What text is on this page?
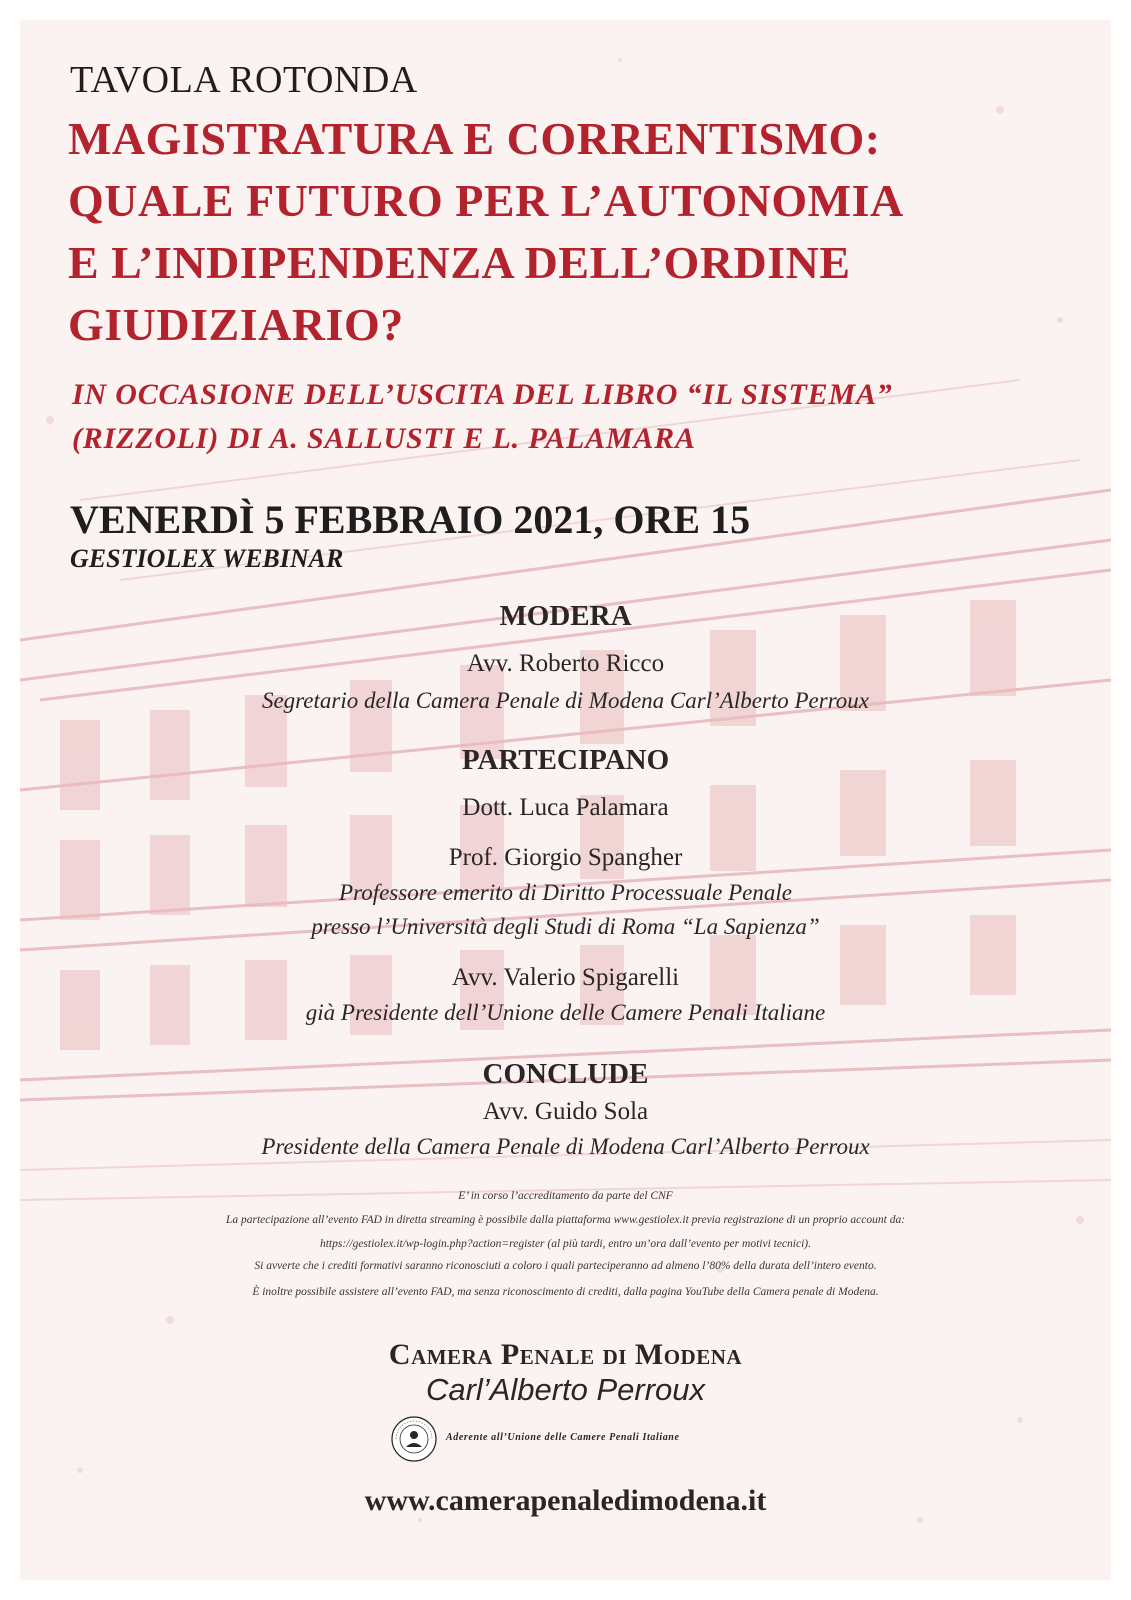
TAVOLA ROTONDA

MAGISTRATURA E CORRENTISMO:

QUALE FUTURO PER L’AUTONOMIA

E L’INDIPENDENZA DELL’ORDINE

GIUDIZIARIO?

IN OCCASIONE DELL’USCITA DEL LIBRO “IL SISTEMA”

(RIZZOLI) DI A. SALLUSTI E L. PALAMARA

VENERDÌ 5 FEBBRAIO 2021, ORE 15

GESTIOLEX WEBINAR

MODERA

Avv. Roberto Ricco

Segretario della Camera Penale di Modena Carl’Alberto Perroux

PARTECIPANO

Dott. Luca Palamara

Prof. Giorgio Spangher

Professore emerito di Diritto Processuale Penale

presso l’Università degli Studi di Roma “La Sapienza”

Avv. Valerio Spigarelli

già Presidente dell’Unione delle Camere Penali Italiane

CONCLUDE

Avv. Guido Sola

Presidente della Camera Penale di Modena Carl’Alberto Perroux

E’ in corso l’accreditamento da parte del CNF

La partecipazione all’evento FAD in diretta streaming è possibile dalla piattaforma www.gestiolex.it previa registrazione di un proprio account da:

https://gestiolex.it/wp-login.php?action=register (al più tardi, entro un’ora dall’evento per motivi tecnici).

Si avverte che i crediti formativi saranno riconosciuti a coloro i quali parteciperanno ad almeno l’80% della durata dell’intero evento.

È inoltre possibile assistere all’evento FAD, ma senza riconoscimento di crediti, dalla pagina YouTube della Camera penale di Modena.

Camera Penale di Modena

Carl’Alberto Perroux

Aderente all’Unione delle Camere Penali Italiane

www.camerapenaledimodena.it
